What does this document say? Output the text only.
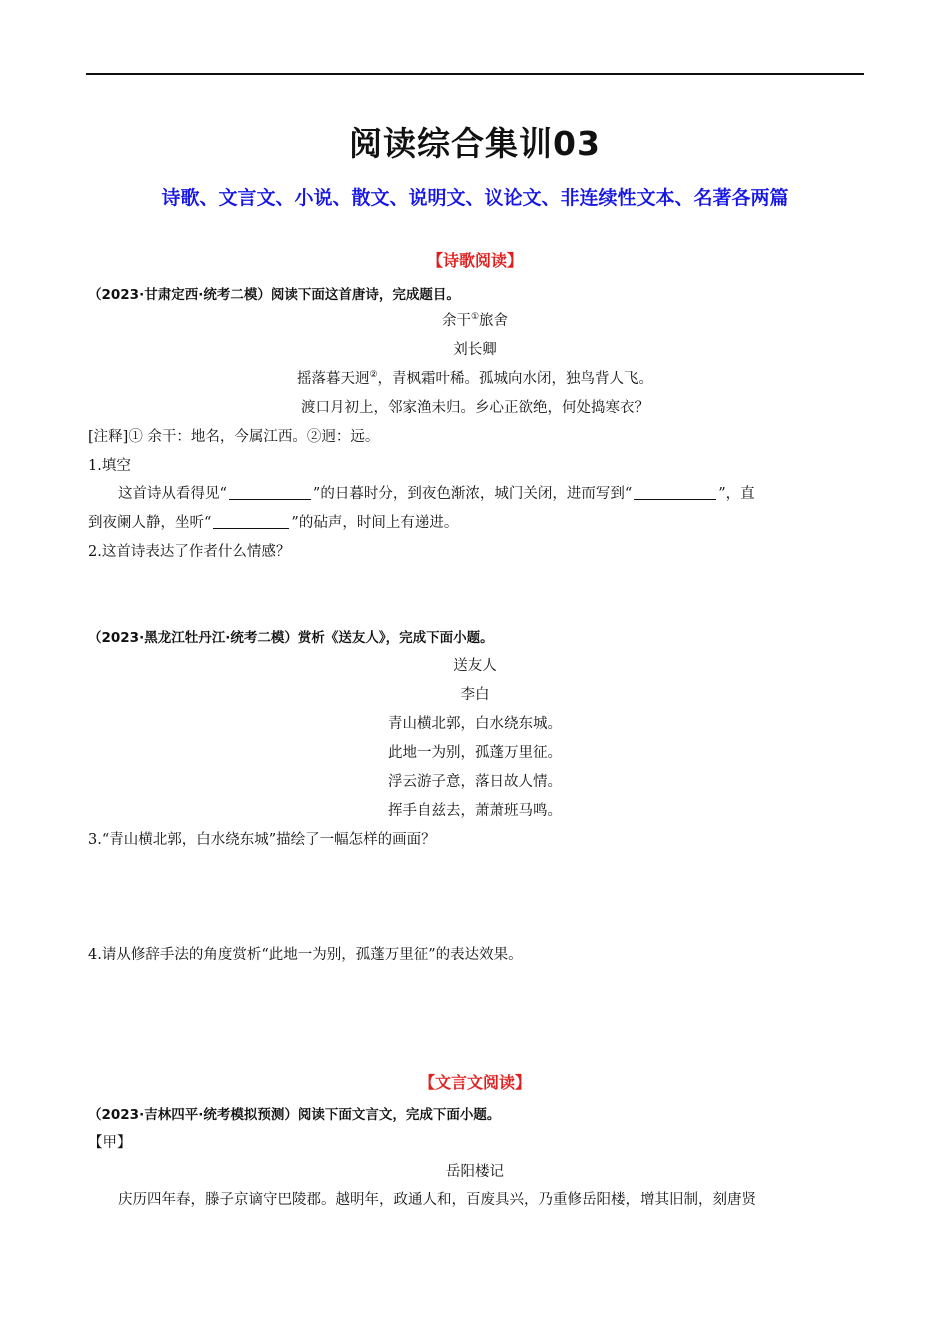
阅读综合集训03
诗歌、文言文、小说、散文、说明文、议论文、非连续性文本、名著各两篇
【诗歌阅读】
（2023·甘肃定西·统考二模）阅读下面这首唐诗，完成题目。
余干①旅舍
刘长卿
摇落暮天迥②，青枫霜叶稀。孤城向水闭，独鸟背人飞。
渡口月初上，邻家渔未归。乡心正欲绝，何处捣寒衣？
[注释]① 余干：地名，今属江西。②迥：远。
1.填空
这首诗从看得见“	”的日暮时分，到夜色渐浓，城门关闭，进而写到“	”，直
到夜阑人静，坐听“	”的砧声，时间上有递进。
2.这首诗表达了作者什么情感？
（2023·黑龙江牡丹江·统考二模）赏析《送友人》，完成下面小题。
送友人
李白
青山横北郭，白水绕东城。
此地一为别，孤蓬万里征。
浮云游子意，落日故人情。
挥手自兹去，萧萧班马鸣。
3.“青山横北郭，白水绕东城”描绘了一幅怎样的画面？
4.请从修辞手法的角度赏析“此地一为别，孤蓬万里征”的表达效果。
【文言文阅读】
（2023·吉林四平·统考模拟预测）阅读下面文言文，完成下面小题。
【甲】
岳阳楼记
庆历四年春，滕子京谪守巴陵郡。越明年，政通人和，百废具兴，乃重修岳阳楼，增其旧制，刻唐贤
